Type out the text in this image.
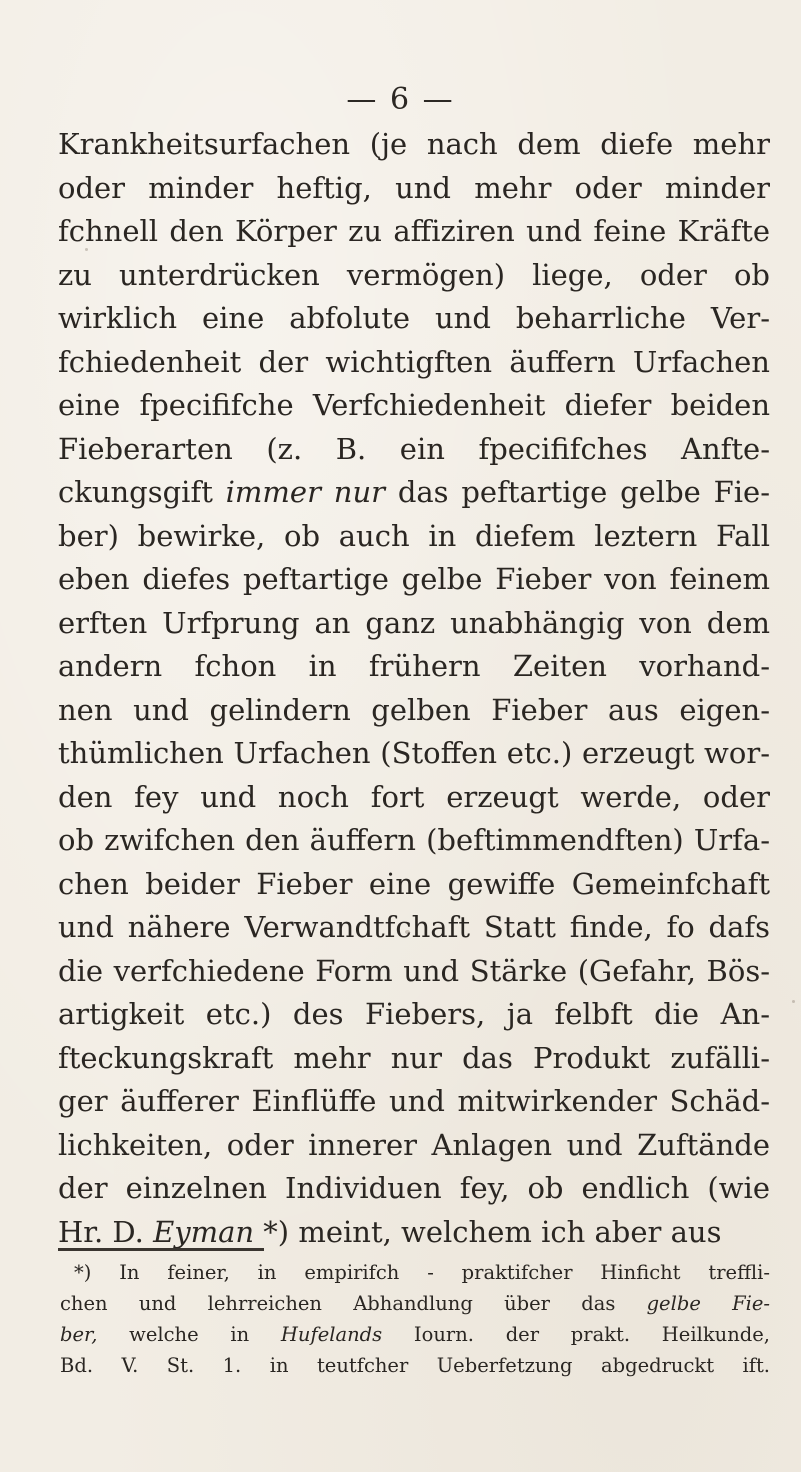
— 6 —
Krankheitsurfachen (je nach dem diefe mehr
oder minder heftig, und mehr oder minder
fchnell den Körper zu affiziren und feine Kräfte
zu unterdrücken vermögen) liege, oder ob
wirklich eine abfolute und beharrliche Ver-
fchiedenheit der wichtigften äuffern Urfachen
eine fpecififche Verfchiedenheit diefer beiden
Fieberarten (z. B. ein fpecififches Anfte-
ckungsgift immer nur das peftartige gelbe Fie-
ber) bewirke, ob auch in diefem leztern Fall
eben diefes peftartige gelbe Fieber von feinem
erften Urfprung an ganz unabhängig von dem
andern fchon in frühern Zeiten vorhand-
nen und gelindern gelben Fieber aus eigen-
thümlichen Urfachen (Stoffen etc.) erzeugt wor-
den fey und noch fort erzeugt werde, oder
ob zwifchen den äuffern (beftimmendften) Urfa-
chen beider Fieber eine gewiffe Gemeinfchaft
und nähere Verwandtfchaft Statt finde, fo dafs
die verfchiedene Form und Stärke (Gefahr, Bös-
artigkeit etc.) des Fiebers, ja felbft die An-
fteckungskraft mehr nur das Produkt zufälli-
ger äufferer Einflüffe und mitwirkender Schäd-
lichkeiten, oder innerer Anlagen und Zuftände
der einzelnen Individuen fey, ob endlich (wie
Hr. D. Eyman *) meint, welchem ich aber aus
*) In feiner, in empirifch - praktifcher Hinficht treffli-
chen und lehrreichen Abhandlung über das gelbe Fie-
ber, welche in Hufelands Iourn. der prakt. Heilkunde,
Bd. V. St. 1. in teutfcher Ueberfetzung abgedruckt ift.
